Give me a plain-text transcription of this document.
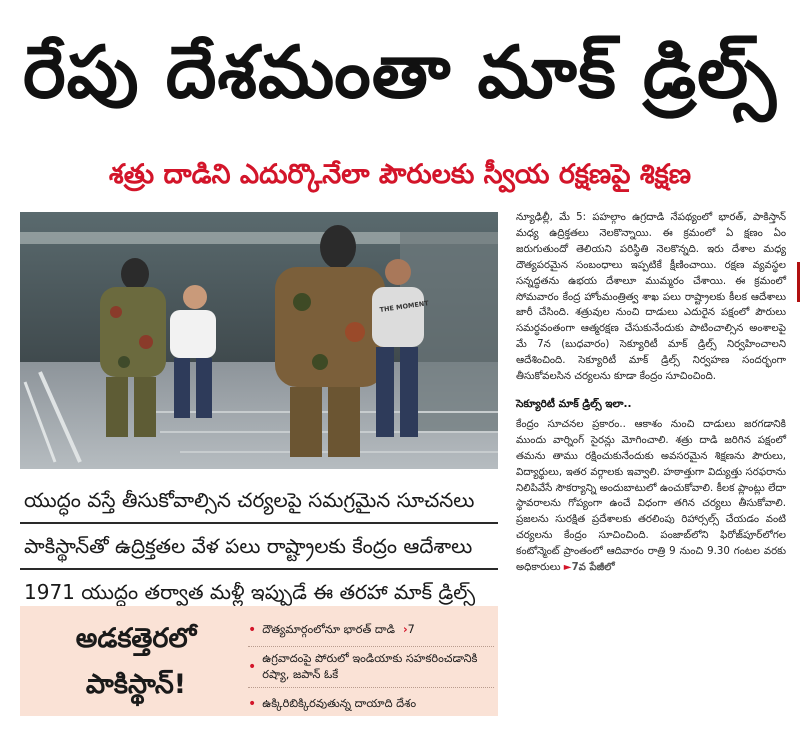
రేపు దేశమంతా మాక్ డ్రిల్స్
శత్రు దాడిని ఎదుర్కొనేలా పౌరులకు స్వీయ రక్షణపై శిక్షణ
THE MOMENT

న్యూఢిల్లీ, మే 5: పహల్గాం ఉగ్రదాడి నేపథ్యంలో భారత్, పాకిస్తాన్ మధ్య ఉద్రిక్తతలు నెలకొన్నాయి. ఈ క్రమంలో ఏ క్షణం ఏం జరుగుతుందో తెలియని పరిస్థితి నెలకొన్నది. ఇరు దేశాల మధ్య దౌత్యపరమైన సంబంధాలు ఇప్పటికే క్షీణించాయి. రక్షణ వ్యవస్థల సన్నద్ధతను ఉభయ దేశాలూ ముమ్మరం చేశాయి. ఈ క్రమంలో సోమవారం కేంద్ర హోంమంత్రిత్వ శాఖ పలు రాష్ట్రాలకు కీలక ఆదేశాలు జారీ చేసింది. శత్రువుల నుంచి దాడులు ఎదురైన పక్షంలో పౌరులు సమర్థవంతంగా ఆత్మరక్షణ చేసుకునేందుకు పాటించాల్సిన అంశాలపై మే 7న (బుధవారం) సెక్యూరిటీ మాక్ డ్రిల్స్ నిర్వహించాలని ఆదేశించింది. సెక్యూరిటీ మాక్ డ్రిల్స్ నిర్వహణ సందర్భంగా తీసుకోవలసిన చర్యలను కూడా కేంద్రం సూచించింది.

సెక్యూరిటీ మాక్ డ్రిల్స్ ఇలా..

కేంద్రం సూచనల ప్రకారం.. ఆకాశం నుంచి దాడులు జరగడానికి ముందు వార్నింగ్ సైరన్లు మోగించాలి. శత్రు దాడి జరిగిన పక్షంలో తమను తాము రక్షించుకునేందుకు అవసరమైన శిక్షణను పౌరులు, విద్యార్థులు, ఇతర వర్గాలకు ఇవ్వాలి. హఠాత్తుగా విద్యుత్తు సరఫరాను నిలిపివేసే సౌకర్యాన్ని అందుబాటులో ఉంచుకోవాలి. కీలక ప్లాంట్లు లేదా స్థావరాలను గోప్యంగా ఉంచే విధంగా తగిన చర్యలు తీసుకోవాలి. ప్రజలను సురక్షిత ప్రదేశాలకు తరలింపు రిహార్సల్స్ చేయడం వంటి చర్యలను కేంద్రం సూచించింది. పంజాబ్‌లోని ఫిరోజ్‌పూర్‌లోగల కంటోన్మెంట్ ప్రాంతంలో ఆదివారం రాత్రి 9 నుంచి 9.30 గంటల వరకు అధికారులు ►7వ పేజీలో

యుద్ధం వస్తే తీసుకోవాల్సిన చర్యలపై సమగ్రమైన సూచనలు
పాకిస్థాన్‌తో ఉద్రిక్తతల వేళ పలు రాష్ట్రాలకు కేంద్రం ఆదేశాలు
1971 యుద్ధం తర్వాత మళ్లీ ఇప్పుడే ఈ తరహా మాక్ డ్రిల్స్
అడకత్తెరలో
పాకిస్థాన్!
• దౌత్యమార్గంలోనూ భారత్ దాడి › 7
•
ఉగ్రవాదంపై పోరులో ఇండియాకు సహకరించడానికి రష్యా, జపాన్ ఓకే
• ఉక్కిరిబిక్కిరవుతున్న దాయాది దేశం
